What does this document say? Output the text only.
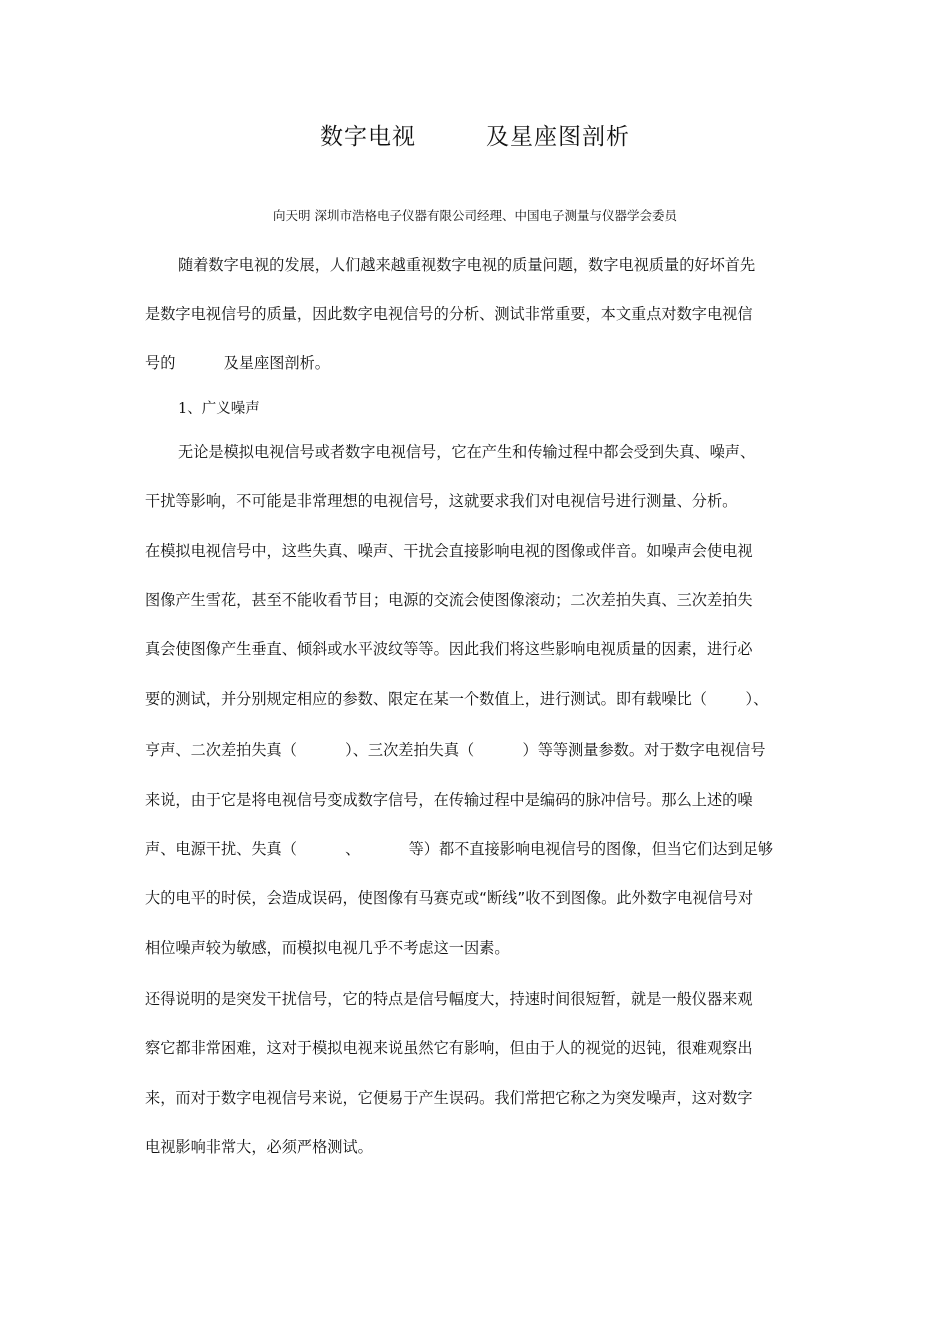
数字电视	及星座图剖析
向天明 深圳市浩格电子仪器有限公司经理、中国电子测量与仪器学会委员
随着数字电视的发展，人们越来越重视数字电视的质量问题，数字电视质量的好坏首先
是数字电视信号的质量，因此数字电视信号的分析、测试非常重要，本文重点对数字电视信
号的          及星座图剖析。
1、广义噪声
无论是模拟电视信号或者数字电视信号，它在产生和传输过程中都会受到失真、噪声、
干扰等影响，不可能是非常理想的电视信号，这就要求我们对电视信号进行测量、分析。
在模拟电视信号中，这些失真、噪声、干扰会直接影响电视的图像或伴音。如噪声会使电视
图像产生雪花，甚至不能收看节目；电源的交流会使图像滚动；二次差拍失真、三次差拍失
真会使图像产生垂直、倾斜或水平波纹等等。因此我们将这些影响电视质量的因素，进行必
要的测试，并分别规定相应的参数、限定在某一个数值上，进行测试。即有载噪比（        ）、
亨声、二次差拍失真（          ）、三次差拍失真（          ）等等测量参数。对于数字电视信号
来说，由于它是将电视信号变成数字信号，在传输过程中是编码的脉冲信号。那么上述的噪
声、电源干扰、失真（          、          等）都不直接影响电视信号的图像，但当它们达到足够
大的电平的时侯，会造成误码，使图像有马赛克或“断线”收不到图像。此外数字电视信号对
相位噪声较为敏感，而模拟电视几乎不考虑这一因素。
还得说明的是突发干扰信号，它的特点是信号幅度大，持速时间很短暂，就是一般仪器来观
察它都非常困难，这对于模拟电视来说虽然它有影响，但由于人的视觉的迟钝，很难观察出
来，而对于数字电视信号来说，它便易于产生误码。我们常把它称之为突发噪声，这对数字
电视影响非常大，必须严格测试。
